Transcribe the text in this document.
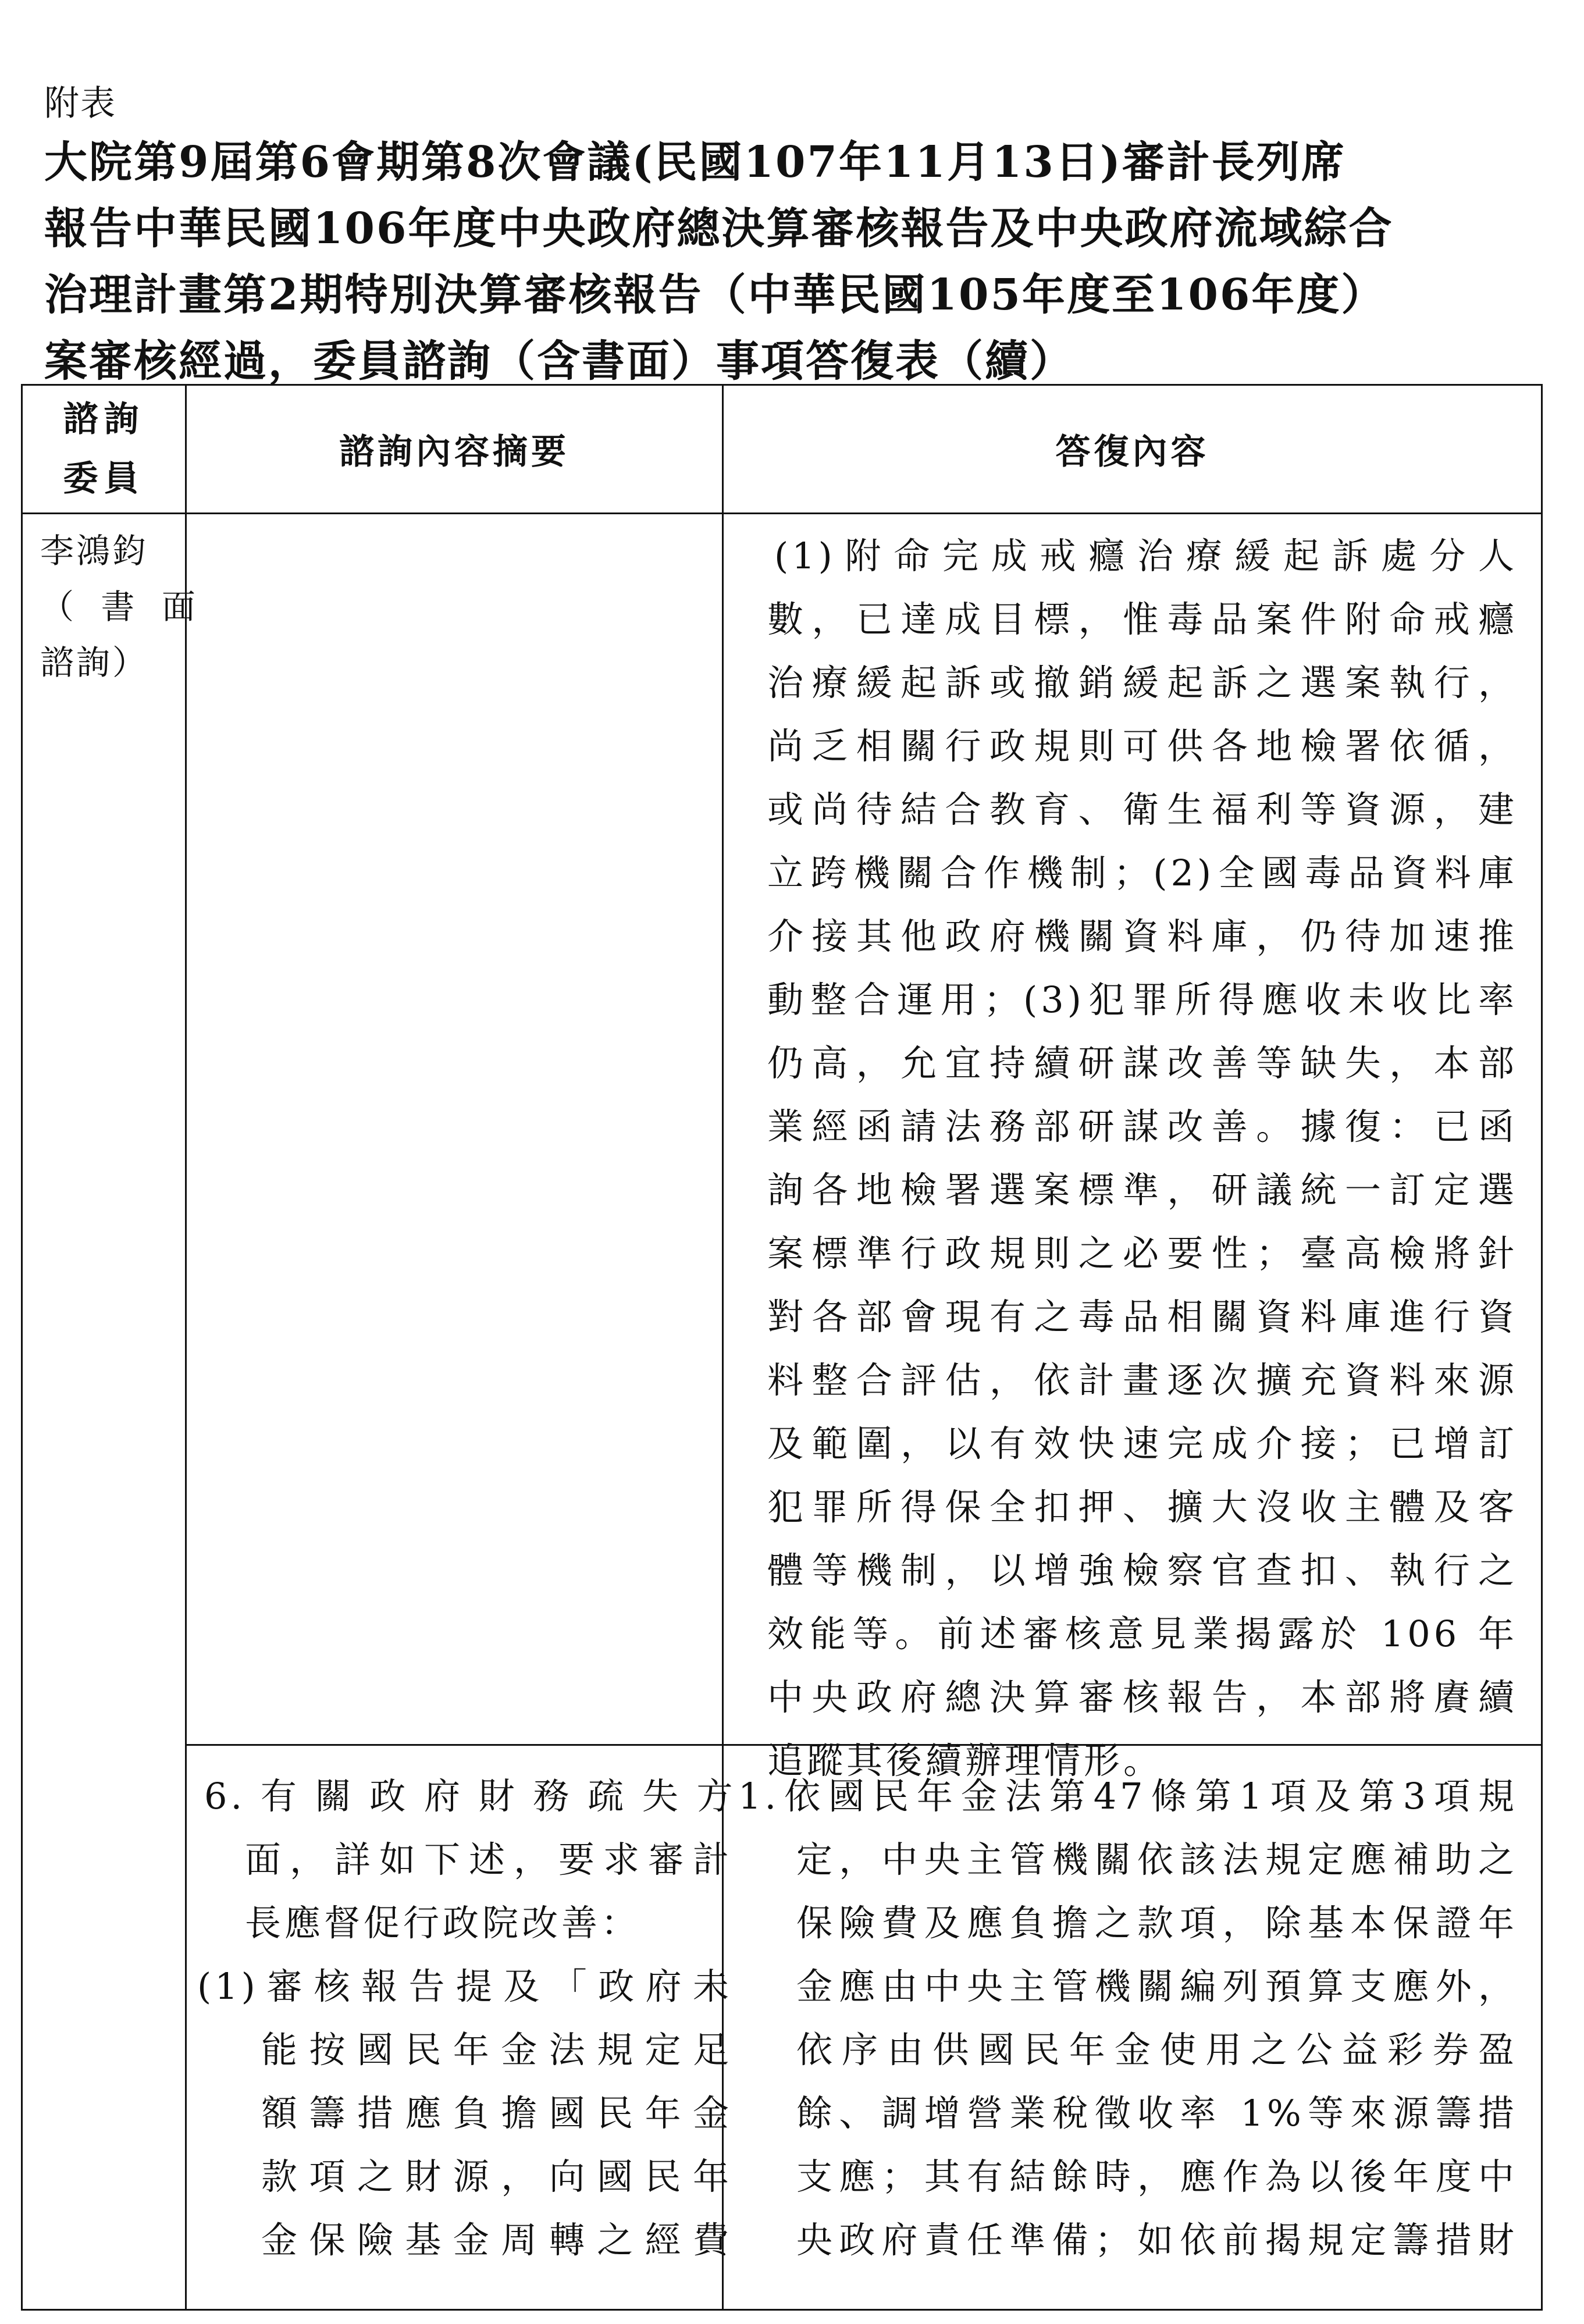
附表
大院第9屆第6會期第8次會議(民國107年11月13日)審計長列席
報告中華民國106年度中央政府總決算審核報告及中央政府流域綜合
治理計畫第2期特別決算審核報告（中華民國105年度至106年度）
案審核經過，委員諮詢（含書面）事項答復表（續）
諮詢
委員
諮詢內容摘要	答復內容
李鴻鈞
（ 書 面
諮詢）
(1)附命完成戒癮治療緩起訴處分人
數，已達成目標，惟毒品案件附命戒癮
治療緩起訴或撤銷緩起訴之選案執行，
尚乏相關行政規則可供各地檢署依循，
或尚待結合教育、衛生福利等資源，建
立跨機關合作機制；(2)全國毒品資料庫
介接其他政府機關資料庫，仍待加速推
動整合運用；(3)犯罪所得應收未收比率
仍高，允宜持續研謀改善等缺失，本部
業經函請法務部研謀改善。據復：已函
詢各地檢署選案標準，研議統一訂定選
案標準行政規則之必要性；臺高檢將針
對各部會現有之毒品相關資料庫進行資
料整合評估，依計畫逐次擴充資料來源
及範圍，以有效快速完成介接；已增訂
犯罪所得保全扣押、擴大沒收主體及客
體等機制，以增強檢察官查扣、執行之
效能等。前述審核意見業揭露於 106 年
中央政府總決算審核報告，本部將賡續
追蹤其後續辦理情形。
6. 有 關 政 府 財 務 疏 失 方
面，詳如下述，要求審計
長應督促行政院改善：
(1)審核報告提及「政府未
能按國民年金法規定足
額籌措應負擔國民年金
款項之財源，向國民年
金保險基金周轉之經費
1.依國民年金法第47條第1項及第3項規
定，中央主管機關依該法規定應補助之
保險費及應負擔之款項，除基本保證年
金應由中央主管機關編列預算支應外，
依序由供國民年金使用之公益彩券盈
餘、調增營業稅徵收率 1%等來源籌措
支應；其有結餘時，應作為以後年度中
央政府責任準備；如依前揭規定籌措財
